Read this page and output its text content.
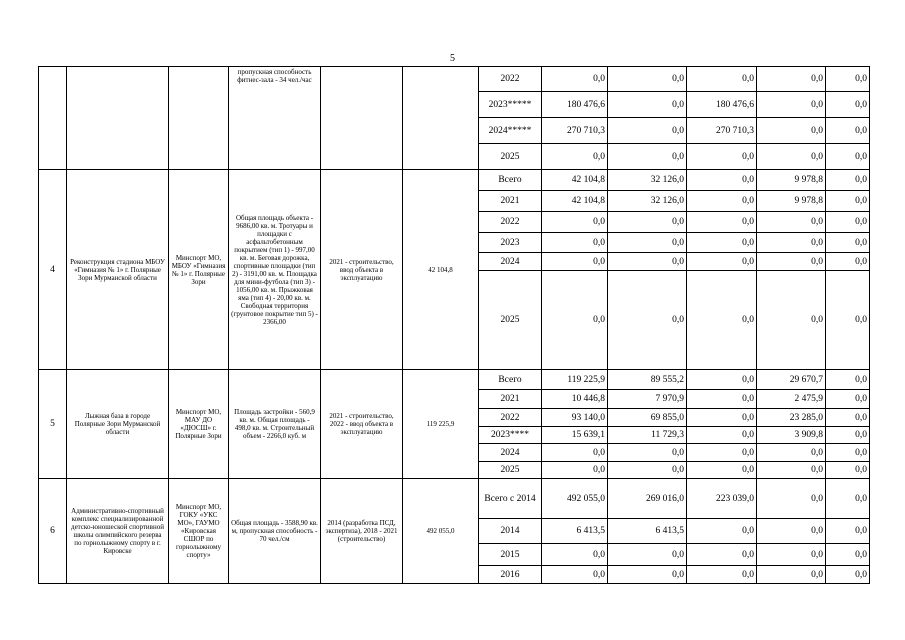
5
			пропускная способность фитнес-зала - 34 чел./час			2022	0,0	0,0	0,0	0,0	0,0
						2023*****	180 476,6	0,0	180 476,6	0,0	0,0
						2024*****	270 710,3	0,0	270 710,3	0,0	0,0
						2025	0,0	0,0	0,0	0,0	0,0
4	Реконструкция стадиона МБОУ «Гимназия № 1» г. Полярные Зори Мурманской области	Минспорт МО, МБОУ «Гимназия № 1» г. Полярные Зори	Общая площадь объекта - 9686,00 кв. м. Тротуары и площадки с асфальтобетонным покрытием (тип 1) - 997,00 кв. м. Беговая дорожка, спортивные площадки (тип 2) - 3191,00 кв. м. Площадка для мини-футбола (тип 3) - 1056,00 кв. м. Прыжковая яма (тип 4) - 20,00 кв. м. Свободная территория (грунтовое покрытие тип 5) - 2366,00	2021 - строительство, ввод объекта в эксплуатацию	42 104,8	Всего	42 104,8	32 126,0	0,0	9 978,8	0,0
						2021	42 104,8	32 126,0	0,0	9 978,8	0,0
						2022	0,0	0,0	0,0	0,0	0,0
						2023	0,0	0,0	0,0	0,0	0,0
						2024	0,0	0,0	0,0	0,0	0,0
						2025	0,0	0,0	0,0	0,0	0,0
5	Лыжная база в городе Полярные Зори Мурманской области	Минспорт МО, МАУ ДО «ДЮСШ» г. Полярные Зори	Площадь застройки - 560,9 кв. м. Общая площадь - 498,0 кв. м. Строительный объем - 2266,0 куб. м	2021 - строительство, 2022 - ввод объекта в эксплуатацию	119 225,9	Всего	119 225,9	89 555,2	0,0	29 670,7	0,0
						2021	10 446,8	7 970,9	0,0	2 475,9	0,0
						2022	93 140,0	69 855,0	0,0	23 285,0	0,0
						2023****	15 639,1	11 729,3	0,0	3 909,8	0,0
						2024	0,0	0,0	0,0	0,0	0,0
						2025	0,0	0,0	0,0	0,0	0,0
6	Административно-спортивный комплекс специализированной детско-юношеской спортивной школы олимпийского резерва по горнолыжному спорту в г. Кировске	Минспорт МО, ГОКУ «УКС МО», ГАУМО «Кировская СШОР по горнолыжному спорту»	Общая площадь - 3588,90 кв. м, пропускная способность - 70 чел./см	2014 (разработка ПСД, экспертиза), 2018 - 2021 (строительство)	492 055,0	Всего с 2014	492 055,0	269 016,0	223 039,0	0,0	0,0
						2014	6 413,5	6 413,5	0,0	0,0	0,0
						2015	0,0	0,0	0,0	0,0	0,0
						2016	0,0	0,0	0,0	0,0	0,0
